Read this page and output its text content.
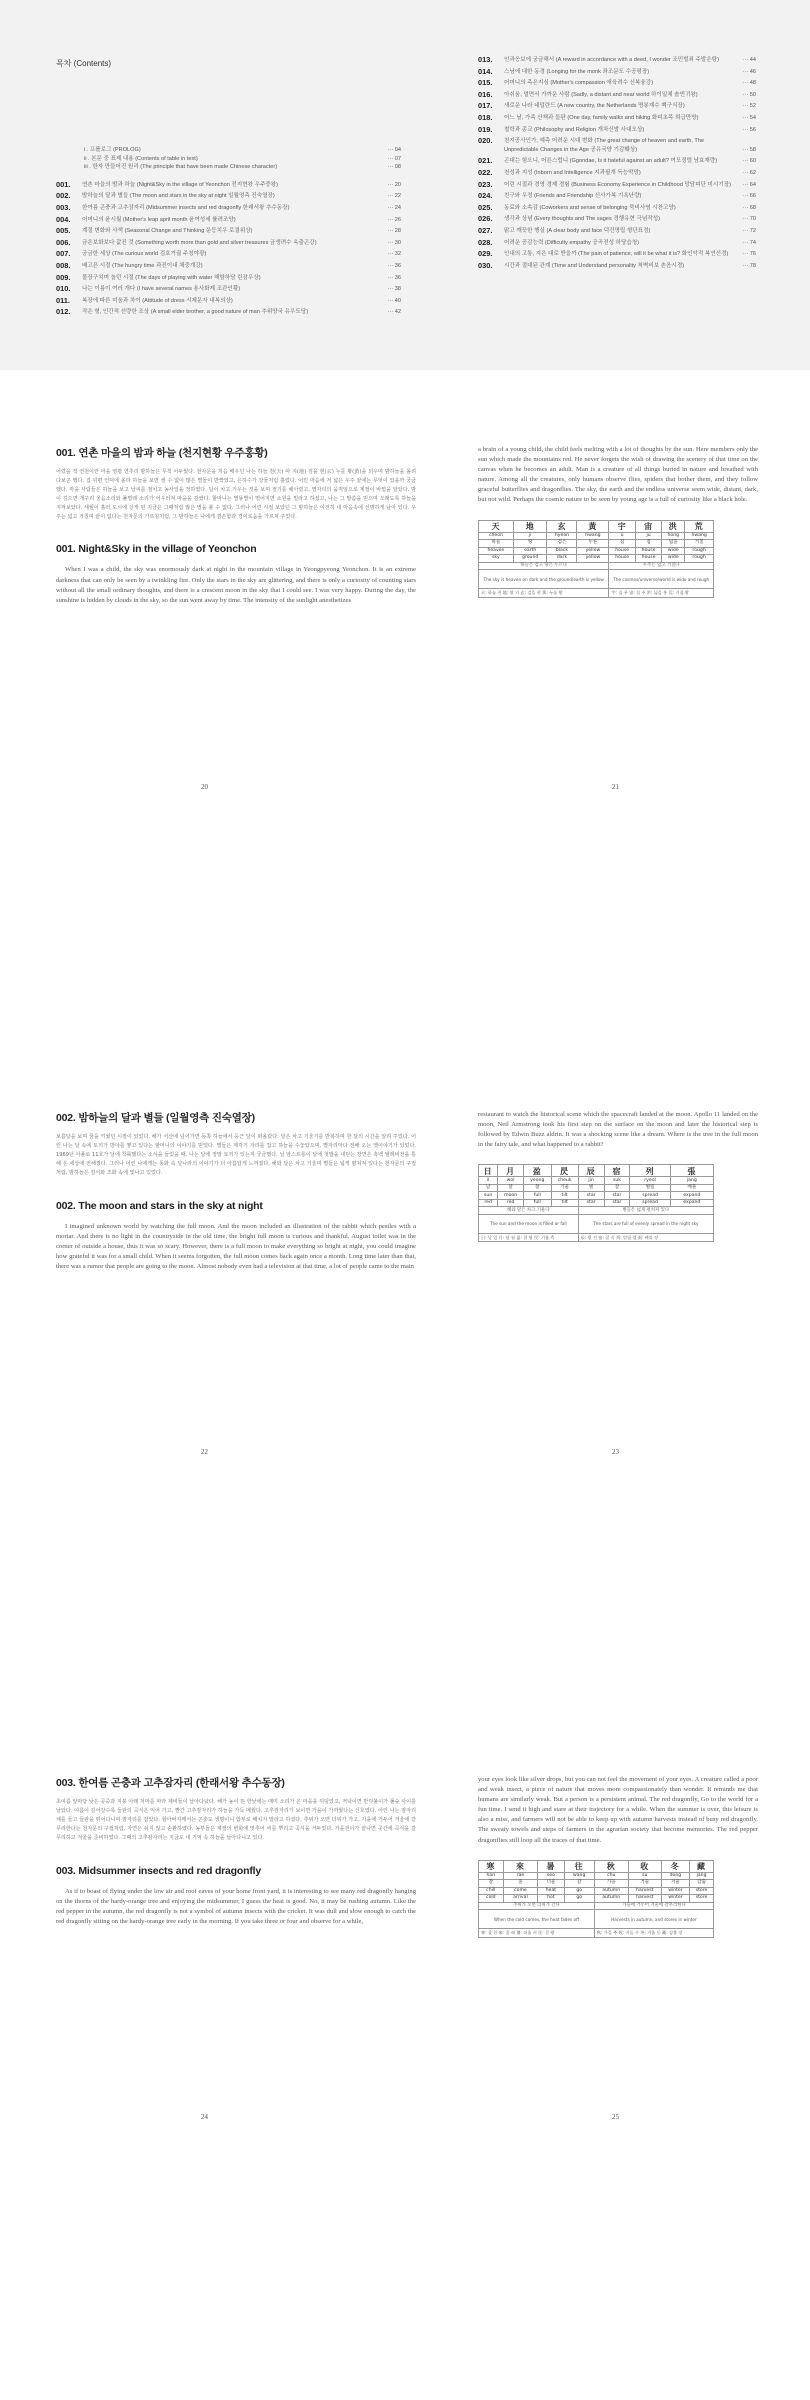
목차 (Contents)
i . 프롤로그 (PROLOG)	··· 04
ii . 본문 중 표제 내용 (Contents of table in text)	··· 07
iii . 한자 만들어진 원리 (The principle that have been made Chinese character)	··· 08
001.	연촌 마을의 밤과 하늘 (Night&Sky in the village of Yeonchon 전지현왕 우주중왕)	··· 20
002.	밤하늘의 달과 별들 (The moon and stars in the sky at night 일월영측 진숙열장)	··· 22
003.	한여름 곤충과 고추잠자리 (Midsummer insects and red dragonfly 한래서왕 추수동장)	··· 24
004.	어머니의 윤시월 (Mother's leap april month 윤여성세 률려조양)	··· 26
005.	계절 변화와 사색 (Seasonal Change and Thinking 운등치우 로결위상)	··· 28
006.	금은보화보다 값진 것 (Something worth more than gold and silver treasures 금생려수 옥출곤강)	··· 30
007.	궁금한 세상 (The curious world 검호거궐 주칭야광)	··· 32
008.	배고픈 시절 (The hungry time 과진이내 채중개강)	··· 36
009.	물장구치며 놀던 시절 (The days of playing with water 해함하담 린잠우상)	··· 36
010.	나는 이름이 여러 개다 (I have several names 용사화제 조관인황)	··· 38
011.	복장에 따른 미움과 차이 (Attitude of dress 시제문자 내복의상)	··· 40
012.	작은 형, 인간적 선량한 조상 (A small elder brother, a good nature of man 추위양국 유우도당)	··· 42
013.	인과응보에 궁금해서 (A reward in accordance with a deed, I wonder 조민벌죄 주발은탕)	··· 44
014.	스님에 대한 동경 (Longing for the monk 좌조문도 수공평장)	··· 46
015.	어머니의 측은지심 (Mother's compassion 애육려수 신복융강)	··· 48
016.	아쉬움, 멀면서 가까운 사람 (Sadly, a distant and near world 하이일체 솔빈귀왕)	··· 50
017.	새로운 나라 네덜란드 (A new country, the Netherlands 명봉재수 백구식장)	··· 52
018.	어느 날, 가족 산책과 들판 (One day, family walks and hiking 화피초목 뢰급만방)	··· 54
019.	철학과 종교 (Philosophy and Religion 개차신발 사대오상)	··· 56
020.	천지공사인가, 예측 어려운 시대 변화 (The great change of heaven and earth, The Unpredictable Changes in the Age 공유국양 기감훼상)	··· 58
021.	곤대는 험오니, 어른스럽니 (Ggondae, Is it hateful against an adult? 여모정렬 남효재량)	··· 60
022.	천성과 지성 (Inborn and Intelligence 지과필개 득능막망)	··· 62
023.	어린 시절과 경영 경제 경험 (Business Economy Experience in Childhood 망담피단 미시기장)	··· 64
024.	친구와 우정 (Friends and Friendship 신사가복 기욕난량)	··· 66
025.	동료와 소속감 (Coworkers and sense of belonging 묵비사염 시찬고양)	··· 68
026.	생각과 상념 (Every thoughts and The sages 경행유현 극념작성)	··· 70
027.	맑고 깨끗한 행실 (A clear body and face 덕건명립 형단표정)	··· 72
028.	어려운 공감능력 (Difficulty empathy 공곡전성 허당습청)	··· 74
029.	인내의 고통, 지은 대로 받을까 (The pain of patience, will it be what it is? 화인악적 복연선경)	··· 76
030.	시간과 절대된 관계 (Time and Understand personality 척벽비보 촌음시경)	··· 78
001. 연촌 마을의 밤과 하늘 (천지현황 우주홍황)

어렸을 적 연천이란 마을 영평 연추리 밤하늘은 무척 어두웠다. 천자문을 처음 배우던 나는 하늘 천(天) 따 지(地) 검을 현(玄) 누를 황(黃)을 외우며 밤하늘을 올려다보곤 했다. 집 뒤편 언덕에 올라 하늘을 보면 셀 수 없이 많은 별들이 반짝였고, 은하수가 강물처럼 흘렀다. 어린 마음에 저 넓은 우주 끝에는 무엇이 있을까 궁금했다. 마을 사람들은 하늘을 보고 날씨를 점치고 농사일을 정하였다. 달이 차고 기우는 것을 보며 절기를 헤아렸고, 별자리의 움직임으로 계절이 바뀜을 알았다. 밤이 깊으면 개구리 울음소리와 풀벌레 소리가 어우러져 마을을 감쌌다. 할머니는 별똥별이 떨어지면 소원을 빌라고 하셨고, 나는 그 말씀을 믿으며 오래도록 하늘을 지켜보았다. 세월이 흘러 도시에 살게 된 지금은 그때처럼 많은 별을 볼 수 없다. 그러나 어린 시절 보았던 그 밤하늘은 여전히 내 마음속에 선명하게 남아 있다. 우주는 넓고 거칠며 끝이 없다는 천자문의 가르침처럼, 그 밤하늘은 나에게 겸손함과 경이로움을 가르쳐 주었다.

001. Night&Sky in the village of Yeonchon

When I was a child, the sky was enormously dark at night in the mountain village in Yeongpyeong Yeonchon. It is an extreme darkness that can only be seen by a twinkling fire. Only the stars in the sky are glittering, and there is only a curiosity of counting stars without all the small ordinary thoughts, and there is a crescent moon in the sky that I could see. I was very happy. During the day, the sunshine is hidden by clouds in the sky, so the sun went away by time. The intensity of the sunlight anesthetizes

a brain of a young child, the child feels melting with a lot of thoughts by the sun. Here members only the sun which made the mountains red. He never forgets the wish of drawing the scenery of that time on the canvas when he becomes an adult. Man is a creature of all things buried in nature and breathed with nature. Among all the creatures, only humans observe flies, spiders that bother them, and they follow graceful butterflies and dragonflies. The sky, the earth and the endless universe seem wide, distant, dark, but not wild. Perhaps the cosmic nature to be seen by young age is a full of curiosity like a black hole.

天	地	玄	黃	宇	宙	洪	荒
cheon	ji	hyeon	hwang	u	ju	hong	hwang
하늘	땅	검은	누른	집	집	넓을	거칠
heaven	earth	black	yellow	house	house	wide	rough
sky	ground	dark	yellow	house	house	wide	rough
하늘은 검고 땅은 누르다				우주는 넓고 거칠다			
The sky is heaven on dark and the ground/earth is yellow				The cosmos/universe/world is wide and rough			
天: 하늘 천 地: 땅 지 玄: 검을 현 黃: 누를 황				宇: 집 우 宙: 집 주 洪: 넓을 홍 荒: 거칠 황			
20	21
002. 밤하늘의 달과 별들 (일월영측 진숙열장)

보름달을 보며 꿈을 키웠던 시절이 있었다. 해가 서산에 넘어가면 동쪽 하늘에서 둥근 달이 떠올랐다. 달은 차고 기울기를 반복하며 한 달의 시간을 알려 주었다. 어린 나는 달 속에 토끼가 방아를 찧고 있다는 할머니의 이야기를 믿었다. 별들은 제각기 자리를 잡고 하늘을 수놓았으며, 별자리마다 전해 오는 옛이야기가 있었다. 1969년 아폴로 11호가 달에 착륙했다는 소식을 들었을 때, 나는 달에 정말 토끼가 있는지 궁금했다. 닐 암스트롱이 달에 첫발을 내딛는 장면은 흑백 텔레비전을 통해 온 세상에 전해졌다. 그러나 어린 나에게는 동화 속 달나라의 이야기가 더 아름답게 느껴졌다. 해와 달은 차고 기울며 별들은 넓게 펼쳐져 있다는 천자문의 구절처럼, 밤하늘은 질서와 조화 속에 빛나고 있었다.

002. The moon and stars in the sky at night

I imagined unknown world by watching the full moon. And the moon included an illustration of the rabbit which pestles with a mortar. And there is no light in the countryside in the old time, the bright full moon is curious and thankful. August toilet was in the corner of outside a house, thus it was so scary. However, there is a full moon to make everything so bright at night, you could imagine how grateful it was for a small child. When it seems forgotten, the full moon comes back again once a month. Long time later than that, there was a rumor that people are going to the moon. Almost nobody even had a television at that time, a lot of people came to the main

restaurant to watch the historical scene which the spacecraft landed at the moon. Apollo 11 landed on the moon, Neil Armstrong took his first step on the surface on the moon and later the historical step is followed by Edwin Buzz aldrin. It was a shocking scene like a dream. Where is the tree in the full moon in the fairy tale, and what happened to a rabbit?

日	月	盈	昃	辰	宿	列	張
il	wol	yeong	cheuk	jin	suk	ryeol	jang
날	달	찰	기울	별	잘	벌릴	베풀
sun	moon	full	tilt	star	star	spread	expand
red	red	full	tilt	star	star	spread	expand
해와 달은 차고 기운다				별들은 넓게 펼쳐져 있다			
The sun and the moon is filled or fall				The stars are full of evenly spread in the night sky			
日: 날 일 月: 달 월 盈: 찰 영 昃: 기울 측				辰: 별 진 宿: 잘 숙 列: 벌릴 렬 張: 베풀 장			
22	23
003. 한여름 곤충과 고추잠자리 (한래서왕 추수동장)

초여름 앞마당 낮은 공중과 지붕 아래 처마를 따라 제비들이 날아다녔다. 해가 높이 뜬 한낮에는 매미 소리가 온 마을을 뒤덮었고, 저녁이면 반딧불이가 풀숲 사이를 날았다. 여름이 깊어갈수록 들판의 곡식은 익어 가고, 빨간 고추잠자리가 하늘을 가득 메웠다. 고추잠자리가 보이면 가을이 가까웠다는 신호였다. 어린 나는 잠자리채를 들고 들판을 뛰어다니며 잠자리를 잡았다. 할아버지께서는 곤충도 생명이니 함부로 해치지 말라고 하셨다. 추위가 오면 더위가 가고, 가을에 거두어 겨울에 갈무리한다는 천자문의 구절처럼, 자연은 쉬지 않고 순환하였다. 농부들은 계절의 변화에 맞추어 씨를 뿌리고 곡식을 거두었다. 가을걷이가 끝나면 곳간에 곡식을 갈무리하고 겨울을 준비하였다. 그때의 고추잠자리는 지금도 내 기억 속 하늘을 날아다니고 있다.

003. Midsummer insects and red dragonfly

As if to boast of flying under the low air and roof eaves of your home front yard, it is interesting to see many red dragonfly hanging on the thorns of the hardy-orange tree and enjoying the midsummer, I guess the heat is good. No, it may be rushing autumn. Like the red pepper in the autumn, the red dragonfly is not a symbol of autumn insects with the cricket. It was dull and slow enough to catch the red dragonfly sitting on the hardy-orange tree early in the morning. If you take three or four and observe for a while,

your eyes look like silver drops, but you can not feel the movement of your eyes. A creature called a poor and weak insect, a piece of nature that moves more compassionately than wonder. It reminds me that humans are similarly weak. But a person is a persistent animal. The red dragonfly, Go to the world for a fun time. I send it high and stare at their trajectory for a while. When the summer is over, this leisure is also a miss, and farmers will not be able to keep up with autumn harvests instead of busy red dragonfly. The sweaty towels and steps of farmers in the agrarian society that become memories. The red pepper dragonflies still loop all the traces of that time.

寒	來	暑	往	秋	收	冬	藏
han	rae	seo	wang	chu	su	dong	jang
찰	올	더울	갈	가을	거둘	겨울	감출
chill	come	heat	go	autumn	harvest	winter	store
cold	arrival	hot	go	autumn	harvest	winter	store
추위가 오면 더위가 간다				가을에 거두어 겨울에 갈무리한다			
When the cold comes, the heat fades off				Harvests in autumn, and stores in winter			
寒: 찰 한 來: 올 래 暑: 더울 서 往: 갈 왕				秋: 가을 추 收: 거둘 수 冬: 겨울 동 藏: 감출 장			
24	25
